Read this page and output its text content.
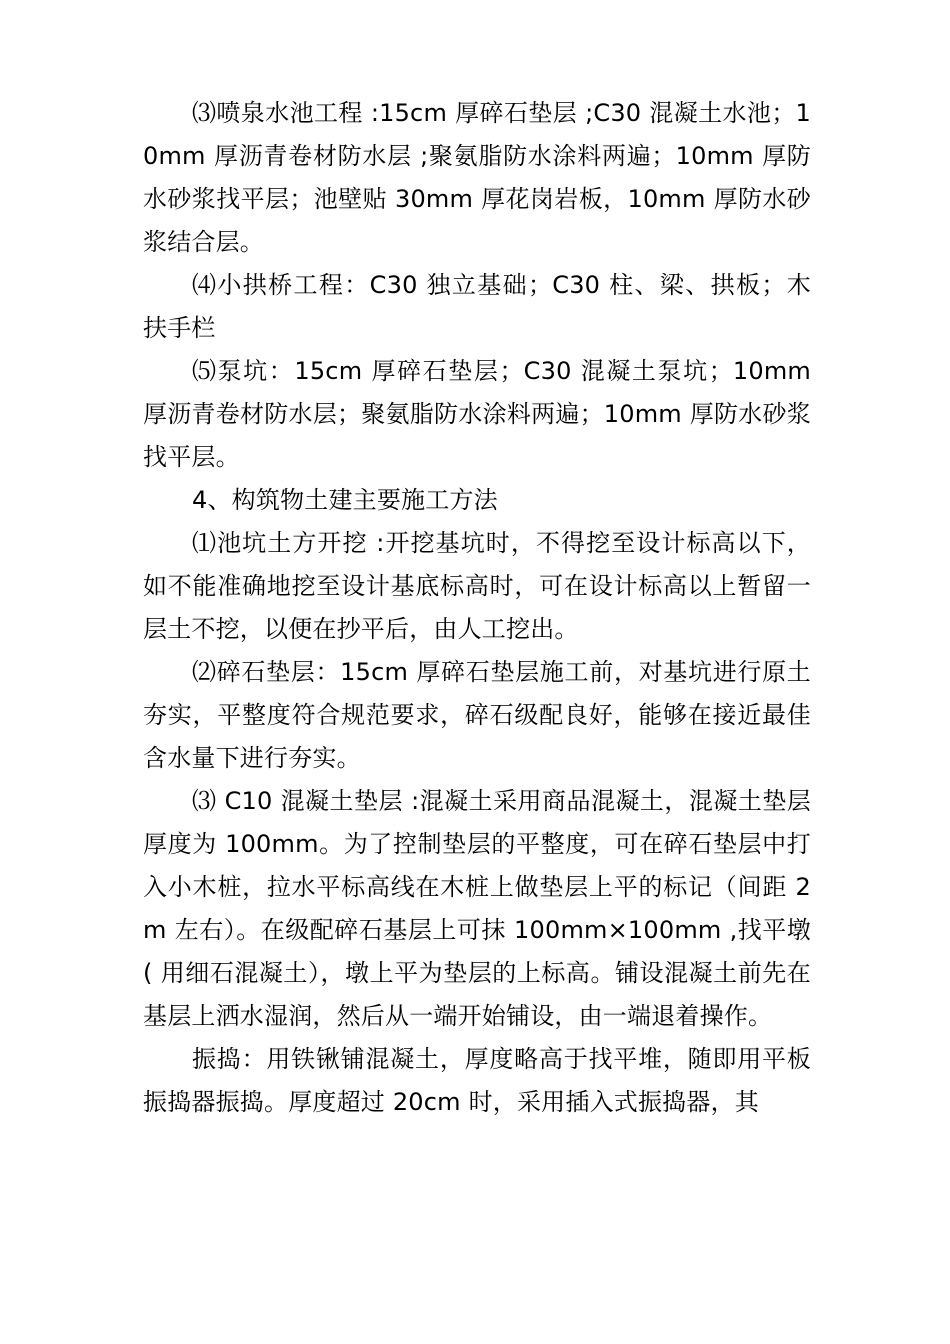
⑶喷泉水池工程 :15cm 厚碎石垫层 ;C30 混凝土水池；10mm 厚沥青卷材防水层 ;聚氨脂防水涂料两遍；10mm 厚防水砂浆找平层；池壁贴 30mm 厚花岗岩板，10mm 厚防水砂浆结合层。

⑷小拱桥工程：C30 独立基础；C30 柱、梁、拱板；木扶手栏

⑸泵坑：15cm 厚碎石垫层；C30 混凝土泵坑；10mm 厚沥青卷材防水层；聚氨脂防水涂料两遍；10mm 厚防水砂浆找平层。

4、构筑物土建主要施工方法

⑴池坑土方开挖 :开挖基坑时，不得挖至设计标高以下，如不能准确地挖至设计基底标高时，可在设计标高以上暂留一层土不挖，以便在抄平后，由人工挖出。

⑵碎石垫层：15cm 厚碎石垫层施工前，对基坑进行原土夯实，平整度符合规范要求，碎石级配良好，能够在接近最佳含水量下进行夯实。

⑶ C10 混凝土垫层 :混凝土采用商品混凝土，混凝土垫层厚度为 100mm。为了控制垫层的平整度，可在碎石垫层中打入小木桩，拉水平标高线在木桩上做垫层上平的标记（间距 2m 左右）。在级配碎石基层上可抹 100mm×100mm ,找平墩( 用细石混凝土），墩上平为垫层的上标高。铺设混凝土前先在基层上洒水湿润，然后从一端开始铺设，由一端退着操作。

振捣：用铁锹铺混凝土，厚度略高于找平堆，随即用平板振捣器振捣。厚度超过 20cm 时，采用插入式振捣器，其
